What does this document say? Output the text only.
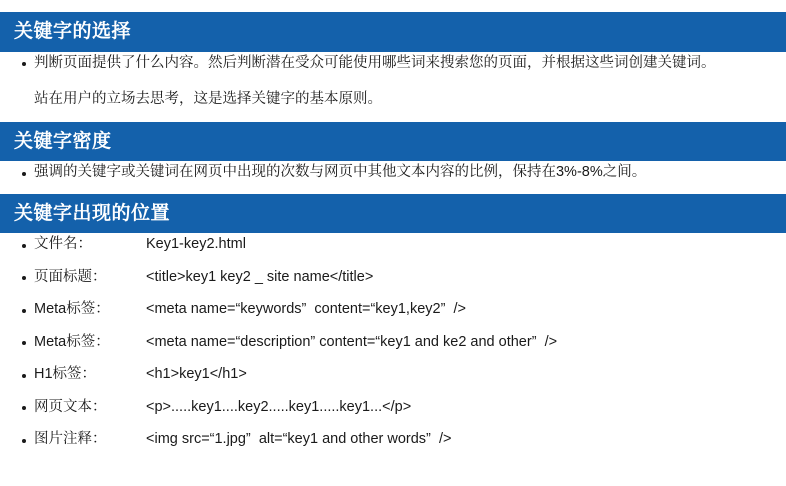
关键字的选择
判断页面提供了什么内容。然后判断潜在受众可能使用哪些词来搜索您的页面，并根据这些词创建关键词。
站在用户的立场去思考，这是选择关键字的基本原则。
关键字密度
强调的关键字或关键词在网页中出现的次数与网页中其他文本内容的比例，保持在3%-8%之间。
关键字出现的位置
文件名：	Key1-key2.html
页面标题：	<title>key1 key2 _ site name</title>
Meta标签：	<meta name=“keywords”  content=“key1,key2”  />
Meta标签：	<meta name=“description” content=“key1 and ke2 and other”  />
H1标签：	<h1>key1</h1>
网页文本：	<p>.....key1....key2.....key1.....key1...</p>
图片注释：	<img src=“1.jpg”  alt=“key1 and other words”  />
